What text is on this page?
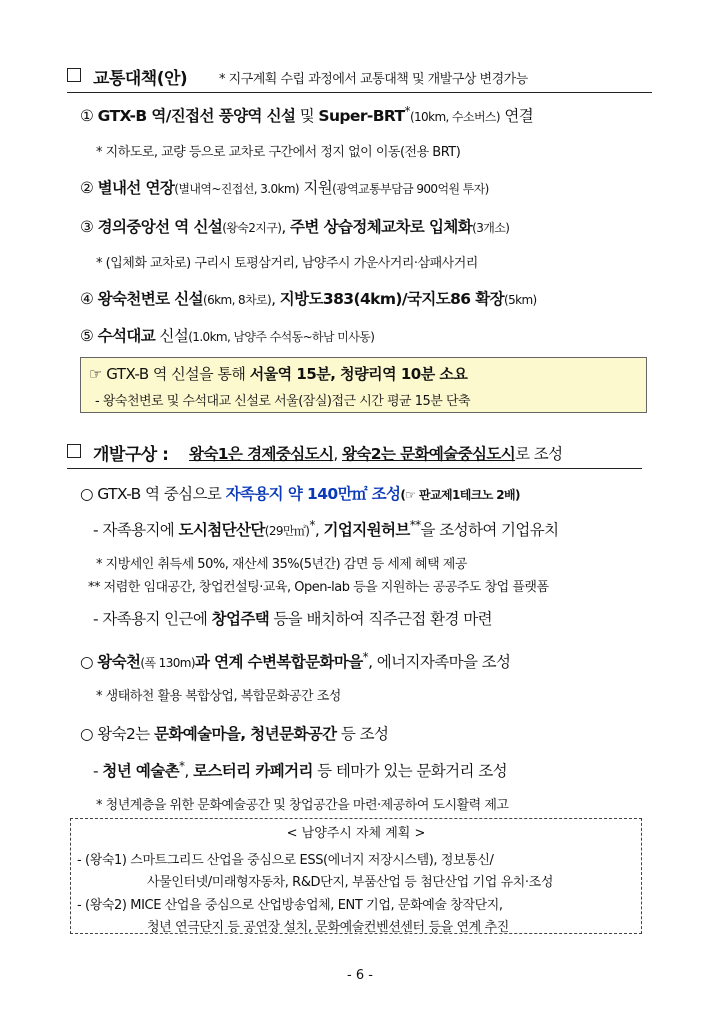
교통대책(안) * 지구계획 수립 과정에서 교통대책 및 개발구상 변경가능
① GTX-B 역/진접선 풍양역 신설 및 Super-BRT*(10km, 수소버스) 연결
* 지하도로, 교량 등으로 교차로 구간에서 정지 없이 이동(전용 BRT)
② 별내선 연장(별내역~진접선, 3.0km) 지원(광역교통부담금 900억원 투자)
③ 경의중앙선 역 신설(왕숙2지구), 주변 상습정체교차로 입체화(3개소)
* (입체화 교차로) 구리시 토평삼거리, 남양주시 가운사거리·삼패사거리
④ 왕숙천변로 신설(6km, 8차로), 지방도383(4km)/국지도86 확장(5km)
⑤ 수석대교 신설(1.0km, 남양주 수석동~하남 미사동)
☞ GTX-B 역 신설을 통해 서울역 15분, 청량리역 10분 소요
- 왕숙천변로 및 수석대교 신설로 서울(잠실)접근 시간 평균 15분 단축
개발구상 : 왕숙1은 경제중심도시, 왕숙2는 문화예술중심도시로 조성
○ GTX-B 역 중심으로 자족용지 약 140만㎡ 조성(☞ 판교제1테크노 2배)
- 자족용지에 도시첨단산단(29만㎡)*, 기업지원허브**을 조성하여 기업유치
* 지방세인 취득세 50%, 재산세 35%(5년간) 감면 등 세제 혜택 제공
** 저렴한 임대공간, 창업컨설팅·교육, Open-lab 등을 지원하는 공공주도 창업 플랫폼
- 자족용지 인근에 창업주택 등을 배치하여 직주근접 환경 마련
○ 왕숙천(폭 130m)과 연계 수변복합문화마을*, 에너지자족마을 조성
* 생태하천 활용 복합상업, 복합문화공간 조성
○ 왕숙2는 문화예술마을, 청년문화공간 등 조성
- 청년 예술촌*, 로스터리 카페거리 등 테마가 있는 문화거리 조성
* 청년계층을 위한 문화예술공간 및 창업공간을 마련·제공하여 도시활력 제고
< 남양주시 자체 계획 >
- (왕숙1) 스마트그리드 산업을 중심으로 ESS(에너지 저장시스템), 정보통신/
사물인터넷/미래형자동차, R&D단지, 부품산업 등 첨단산업 기업 유치·조성
- (왕숙2) MICE 산업을 중심으로 산업방송업체, ENT 기업, 문화예술 창작단지,
청년 연극단지 등 공연장 설치, 문화예술컨벤션센터 등을 연계 추진
- 6 -
